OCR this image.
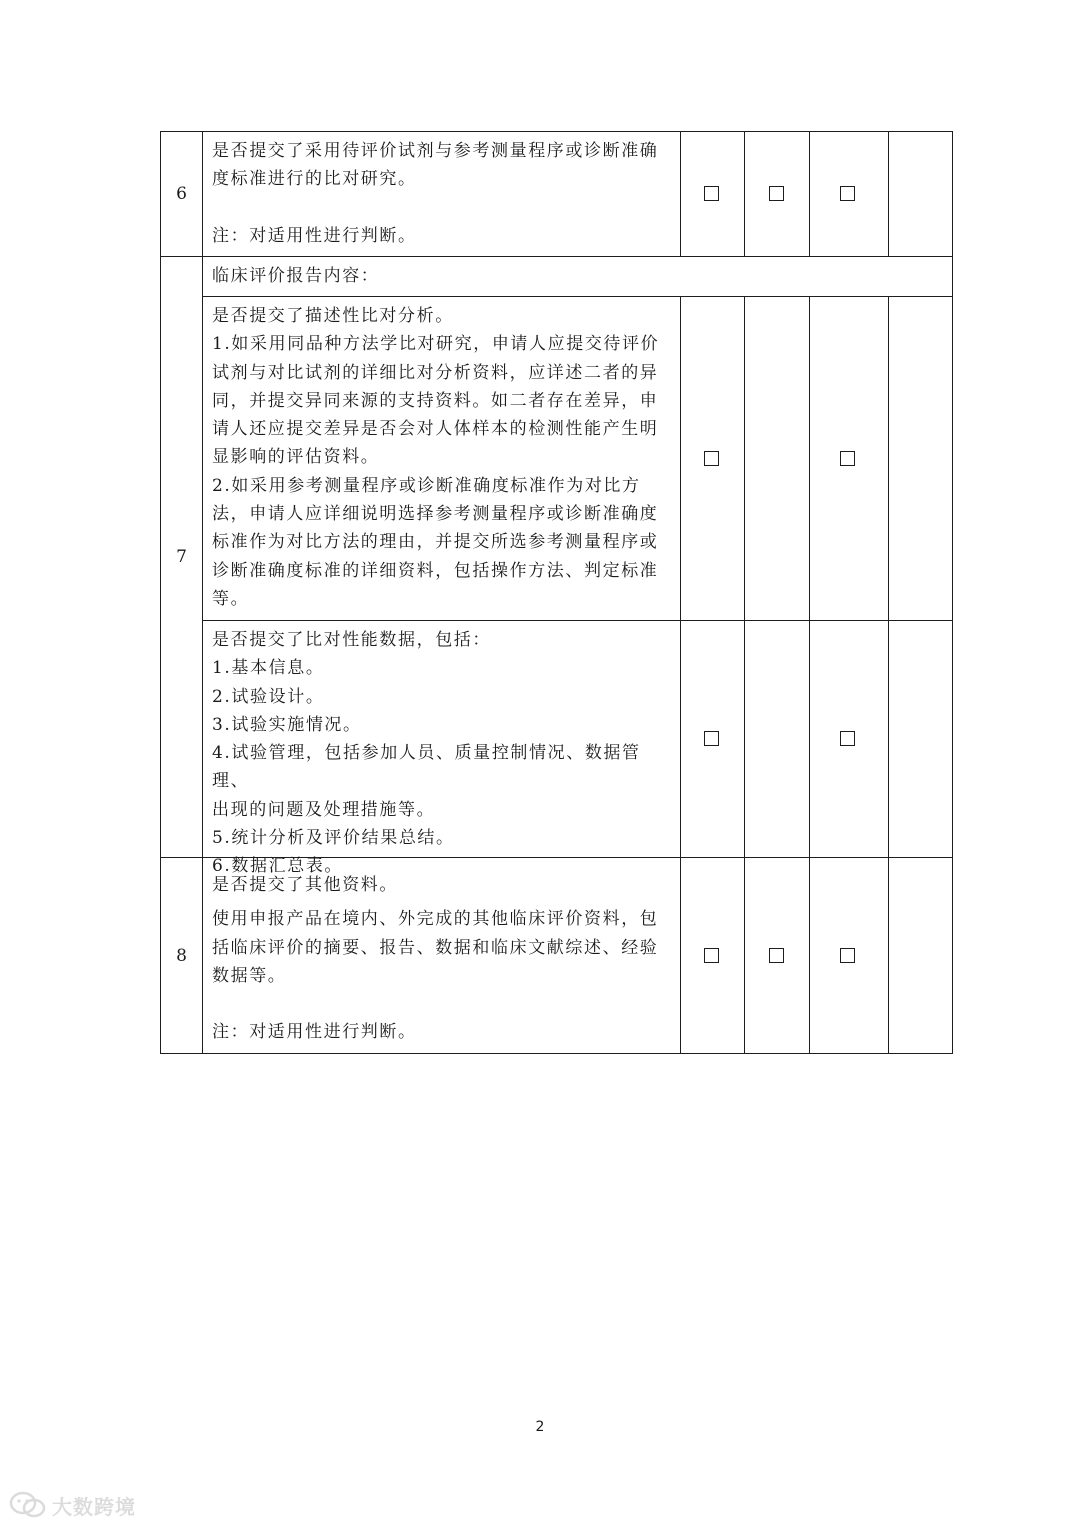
6

是否提交了采用待评价试剂与参考测量程序或诊断准确

度标准进行的比对研究。

注：对适用性进行判断。

7
临床评价报告内容：

是否提交了描述性比对分析。

1.如采用同品种方法学比对研究，申请人应提交待评价

试剂与对比试剂的详细比对分析资料，应详述二者的异

同，并提交异同来源的支持资料。如二者存在差异，申

请人还应提交差异是否会对人体样本的检测性能产生明

显影响的评估资料。

2.如采用参考测量程序或诊断准确度标准作为对比方

法，申请人应详细说明选择参考测量程序或诊断准确度

标准作为对比方法的理由，并提交所选参考测量程序或

诊断准确度标准的详细资料，包括操作方法、判定标准

等。

是否提交了比对性能数据，包括：

1.基本信息。

2.试验设计。

3.试验实施情况。

4.试验管理，包括参加人员、质量控制情况、数据管理、

出现的问题及处理措施等。

5.统计分析及评价结果总结。

6.数据汇总表。

8

是否提交了其他资料。

使用申报产品在境内、外完成的其他临床评价资料，包

括临床评价的摘要、报告、数据和临床文献综述、经验

数据等。

注：对适用性进行判断。

2
大数跨境
